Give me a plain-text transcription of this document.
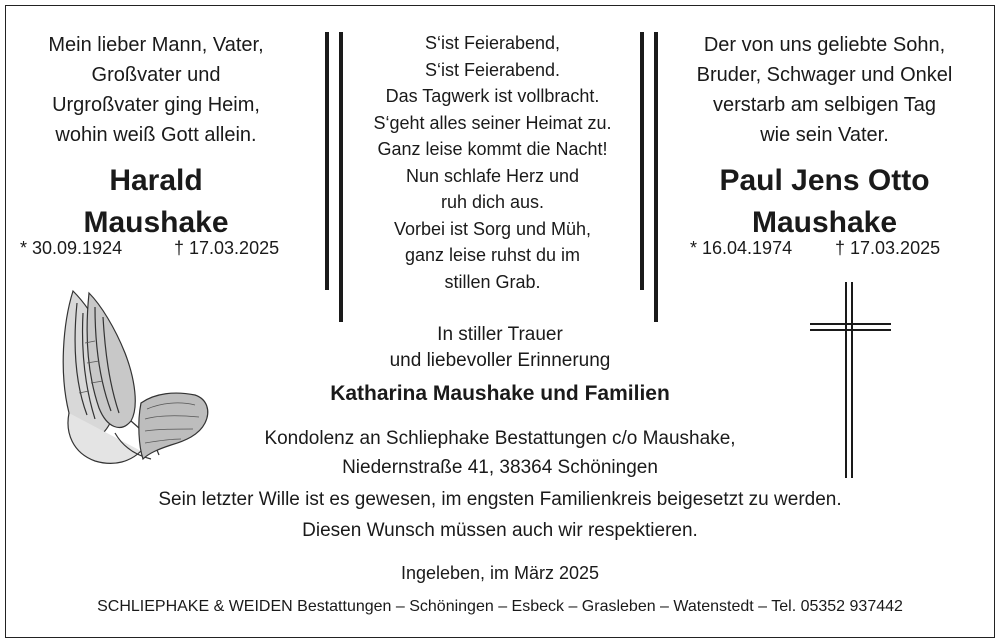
Mein lieber Mann, Vater,
Großvater und
Urgroßvater ging Heim,
wohin weiß Gott allein.
Harald
Maushake
* 30.09.1924	† 17.03.2025
S‘ist Feierabend,
S‘ist Feierabend.
Das Tagwerk ist vollbracht.
S‘geht alles seiner Heimat zu.
Ganz leise kommt die Nacht!
Nun schlafe Herz und
ruh dich aus.
Vorbei ist Sorg und Müh,
ganz leise ruhst du im
stillen Grab.
Der von uns geliebte Sohn,
Bruder, Schwager und Onkel
verstarb am selbigen Tag
wie sein Vater.
Paul Jens Otto
Maushake
* 16.04.1974 † 17.03.2025
In stiller Trauer
und liebevoller Erinnerung
Katharina Maushake und Familien
Kondolenz an Schliephake Bestattungen c/o Maushake,
Niedernstraße 41, 38364 Schöningen
Sein letzter Wille ist es gewesen, im engsten Familienkreis beigesetzt zu werden.
Diesen Wunsch müssen auch wir respektieren.
Ingeleben, im März 2025
SCHLIEPHAKE & WEIDEN Bestattungen – Schöningen – Esbeck – Grasleben – Watenstedt – Tel. 05352 937442
